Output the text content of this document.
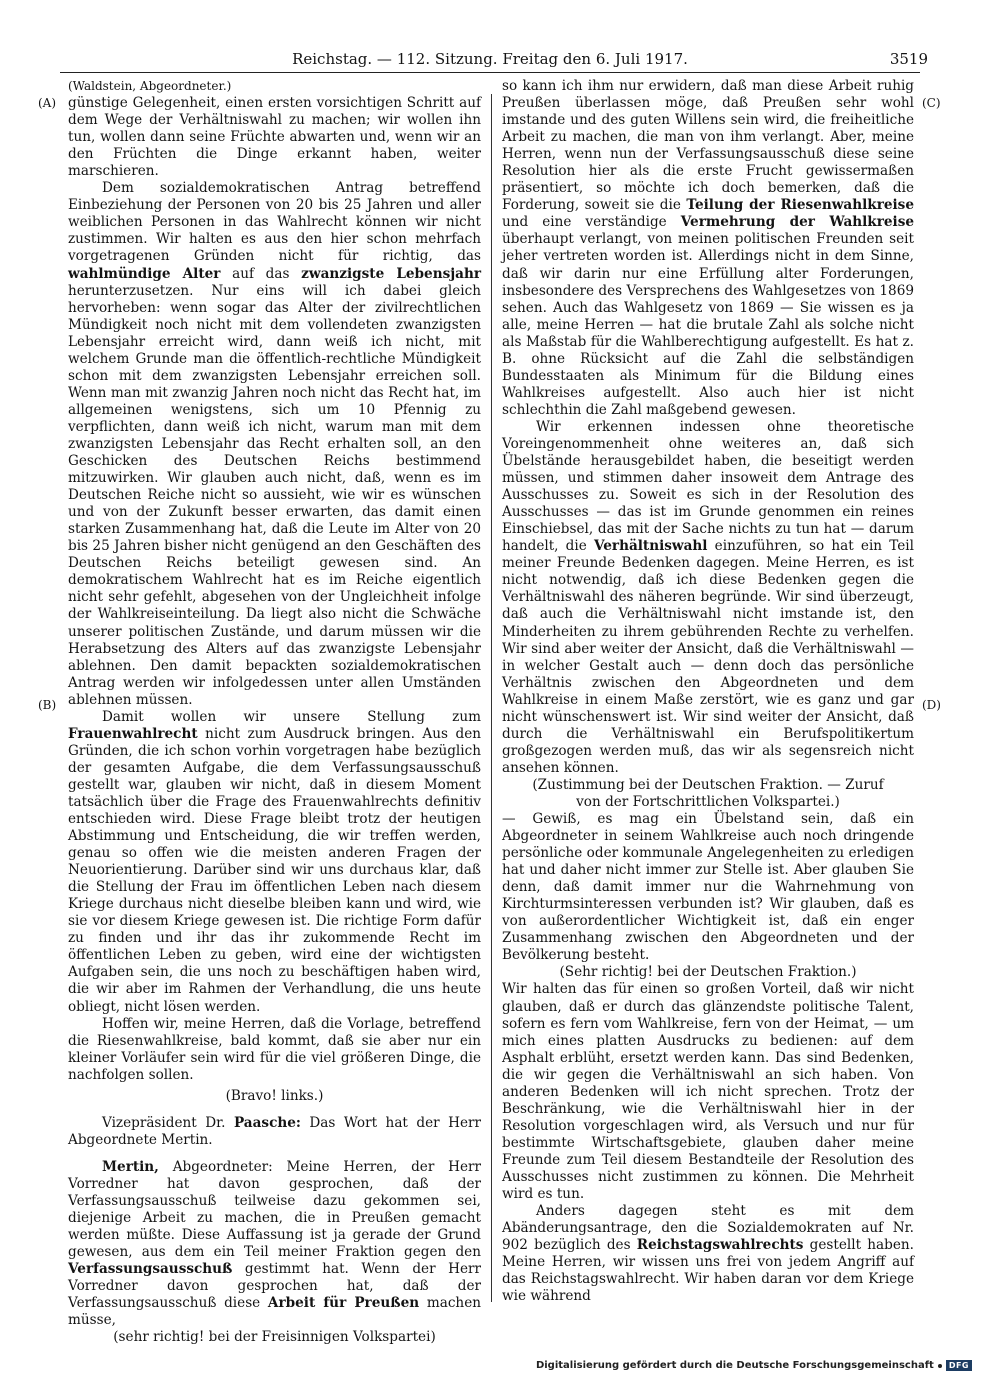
Reichstag. — 112. Sitzung. Freitag den 6. Juli 1917.	3519
(A)
(B)
(C)
(D)

(Waldstein, Abgeordneter.)

günstige Gelegenheit, einen ersten vorsichtigen Schritt auf dem Wege der Verhältniswahl zu machen; wir wollen ihn tun, wollen dann seine Früchte abwarten und, wenn wir an den Früchten die Dinge erkannt haben, weiter marschieren.

Dem sozialdemokratischen Antrag betreffend Einbeziehung der Personen von 20 bis 25 Jahren und aller weiblichen Personen in das Wahlrecht können wir nicht zustimmen. Wir halten es aus den hier schon mehrfach vorgetragenen Gründen nicht für richtig, das wahlmündige Alter auf das zwanzigste Lebensjahr herunterzusetzen. Nur eins will ich dabei gleich hervorheben: wenn sogar das Alter der zivilrechtlichen Mündigkeit noch nicht mit dem vollendeten zwanzigsten Lebensjahr erreicht wird, dann weiß ich nicht, mit welchem Grunde man die öffentlich-rechtliche Mündigkeit schon mit dem zwanzigsten Lebensjahr erreichen soll. Wenn man mit zwanzig Jahren noch nicht das Recht hat, im allgemeinen wenigstens, sich um 10 Pfennig zu verpflichten, dann weiß ich nicht, warum man mit dem zwanzigsten Lebensjahr das Recht erhalten soll, an den Geschicken des Deutschen Reichs bestimmend mitzuwirken. Wir glauben auch nicht, daß, wenn es im Deutschen Reiche nicht so aussieht, wie wir es wünschen und von der Zukunft besser erwarten, das damit einen starken Zusammenhang hat, daß die Leute im Alter von 20 bis 25 Jahren bisher nicht genügend an den Geschäften des Deutschen Reichs beteiligt gewesen sind. An demokratischem Wahlrecht hat es im Reiche eigentlich nicht sehr gefehlt, abgesehen von der Ungleichheit infolge der Wahlkreiseinteilung. Da liegt also nicht die Schwäche unserer politischen Zustände, und darum müssen wir die Herabsetzung des Alters auf das zwanzigste Lebensjahr ablehnen. Den damit bepackten sozialdemokratischen Antrag werden wir infolgedessen unter allen Umständen ablehnen müssen.

Damit wollen wir unsere Stellung zum Frauenwahlrecht nicht zum Ausdruck bringen. Aus den Gründen, die ich schon vorhin vorgetragen habe bezüglich der gesamten Aufgabe, die dem Verfassungsausschuß gestellt war, glauben wir nicht, daß in diesem Moment tatsächlich über die Frage des Frauenwahlrechts definitiv entschieden wird. Diese Frage bleibt trotz der heutigen Abstimmung und Entscheidung, die wir treffen werden, genau so offen wie die meisten anderen Fragen der Neuorientierung. Darüber sind wir uns durchaus klar, daß die Stellung der Frau im öffentlichen Leben nach diesem Kriege durchaus nicht dieselbe bleiben kann und wird, wie sie vor diesem Kriege gewesen ist. Die richtige Form dafür zu finden und ihr das ihr zukommende Recht im öffentlichen Leben zu geben, wird eine der wichtigsten Aufgaben sein, die uns noch zu beschäftigen haben wird, die wir aber im Rahmen der Verhandlung, die uns heute obliegt, nicht lösen werden.

Hoffen wir, meine Herren, daß die Vorlage, betreffend die Riesenwahlkreise, bald kommt, daß sie aber nur ein kleiner Vorläufer sein wird für die viel größeren Dinge, die nachfolgen sollen.

(Bravo! links.)

Vizepräsident Dr. Paasche: Das Wort hat der Herr Abgeordnete Mertin.

Mertin, Abgeordneter: Meine Herren, der Herr Vorredner hat davon gesprochen, daß der Verfassungsausschuß teilweise dazu gekommen sei, diejenige Arbeit zu machen, die in Preußen gemacht werden müßte. Diese Auffassung ist ja gerade der Grund gewesen, aus dem ein Teil meiner Fraktion gegen den Verfassungsausschuß gestimmt hat. Wenn der Herr Vorredner davon gesprochen hat, daß der Verfassungsausschuß diese Arbeit für Preußen machen müsse,

(sehr richtig! bei der Freisinnigen Volkspartei)

so kann ich ihm nur erwidern, daß man diese Arbeit ruhig Preußen überlassen möge, daß Preußen sehr wohl imstande und des guten Willens sein wird, die freiheitliche Arbeit zu machen, die man von ihm verlangt. Aber, meine Herren, wenn nun der Verfassungsausschuß diese seine Resolution hier als die erste Frucht gewissermaßen präsentiert, so möchte ich doch bemerken, daß die Forderung, soweit sie die Teilung der Riesenwahlkreise und eine verständige Vermehrung der Wahlkreise überhaupt verlangt, von meinen politischen Freunden seit jeher vertreten worden ist. Allerdings nicht in dem Sinne, daß wir darin nur eine Erfüllung alter Forderungen, insbesondere des Versprechens des Wahlgesetzes von 1869 sehen. Auch das Wahlgesetz von 1869 — Sie wissen es ja alle, meine Herren — hat die brutale Zahl als solche nicht als Maßstab für die Wahlberechtigung aufgestellt. Es hat z. B. ohne Rücksicht auf die Zahl die selbständigen Bundesstaaten als Minimum für die Bildung eines Wahlkreises aufgestellt. Also auch hier ist nicht schlechthin die Zahl maßgebend gewesen.

Wir erkennen indessen ohne theoretische Voreingenommenheit ohne weiteres an, daß sich Übelstände herausgebildet haben, die beseitigt werden müssen, und stimmen daher insoweit dem Antrage des Ausschusses zu. Soweit es sich in der Resolution des Ausschusses — das ist im Grunde genommen ein reines Einschiebsel, das mit der Sache nichts zu tun hat — darum handelt, die Verhältniswahl einzuführen, so hat ein Teil meiner Freunde Bedenken dagegen. Meine Herren, es ist nicht notwendig, daß ich diese Bedenken gegen die Verhältniswahl des näheren begründe. Wir sind überzeugt, daß auch die Verhältniswahl nicht imstande ist, den Minderheiten zu ihrem gebührenden Rechte zu verhelfen. Wir sind aber weiter der Ansicht, daß die Verhältniswahl — in welcher Gestalt auch — denn doch das persönliche Verhältnis zwischen den Abgeordneten und dem Wahlkreise in einem Maße zerstört, wie es ganz und gar nicht wünschenswert ist. Wir sind weiter der Ansicht, daß durch die Verhältniswahl ein Berufspolitikertum großgezogen werden muß, das wir als segensreich nicht ansehen können.

(Zustimmung bei der Deutschen Fraktion. — Zuruf von der Fortschrittlichen Volkspartei.)

— Gewiß, es mag ein Übelstand sein, daß ein Abgeordneter in seinem Wahlkreise auch noch dringende persönliche oder kommunale Angelegenheiten zu erledigen hat und daher nicht immer zur Stelle ist. Aber glauben Sie denn, daß damit immer nur die Wahrnehmung von Kirchturmsinteressen verbunden ist? Wir glauben, daß es von außerordentlicher Wichtigkeit ist, daß ein enger Zusammenhang zwischen den Abgeordneten und der Bevölkerung besteht.

(Sehr richtig! bei der Deutschen Fraktion.)

Wir halten das für einen so großen Vorteil, daß wir nicht glauben, daß er durch das glänzendste politische Talent, sofern es fern vom Wahlkreise, fern von der Heimat, — um mich eines platten Ausdrucks zu bedienen: auf dem Asphalt erblüht, ersetzt werden kann. Das sind Bedenken, die wir gegen die Verhältniswahl an sich haben. Von anderen Bedenken will ich nicht sprechen. Trotz der Beschränkung, wie die Verhältniswahl hier in der Resolution vorgeschlagen wird, als Versuch und nur für bestimmte Wirtschaftsgebiete, glauben daher meine Freunde zum Teil diesem Bestandteile der Resolution des Ausschusses nicht zustimmen zu können. Die Mehrheit wird es tun.

Anders dagegen steht es mit dem Abänderungsantrage, den die Sozialdemokraten auf Nr. 902 bezüglich des Reichstagswahlrechts gestellt haben. Meine Herren, wir wissen uns frei von jedem Angriff auf das Reichstagswahlrecht. Wir haben daran vor dem Kriege wie während

Digitalisierung gefördert durch die Deutsche Forschungsgemeinschaft	DFG
